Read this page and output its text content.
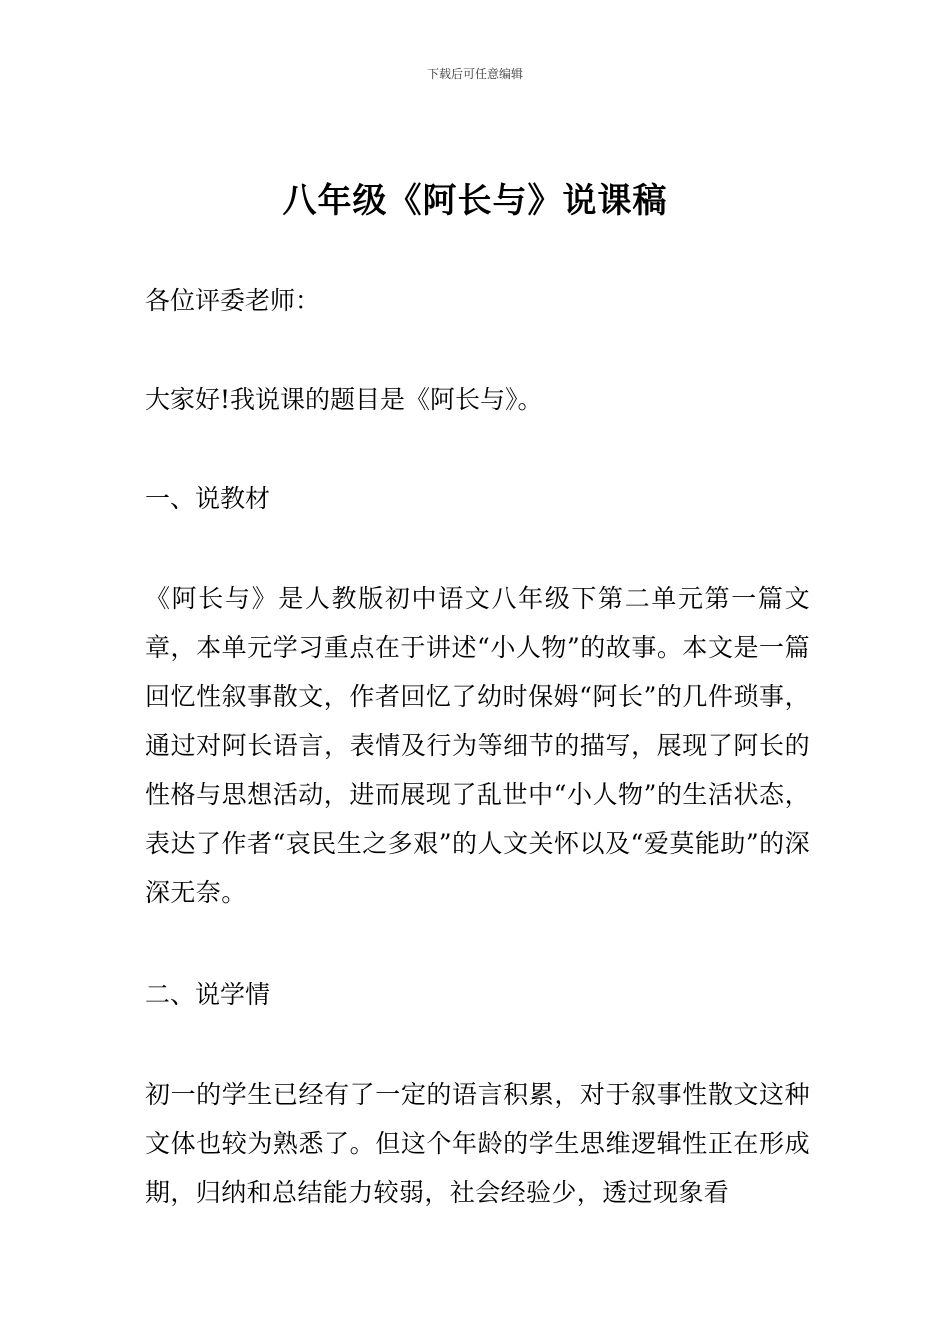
下载后可任意编辑
八年级《阿长与》说课稿

各位评委老师：

大家好!我说课的题目是《阿长与》。

一、说教材

《阿长与》是人教版初中语文八年级下第二单元第一篇文章，本单元学习重点在于讲述“小人物”的故事。本文是一篇回忆性叙事散文，作者回忆了幼时保姆“阿长”的几件琐事，通过对阿长语言，表情及行为等细节的描写，展现了阿长的性格与思想活动，进而展现了乱世中“小人物”的生活状态，表达了作者“哀民生之多艰”的人文关怀以及“爱莫能助”的深深无奈。

二、说学情

初一的学生已经有了一定的语言积累，对于叙事性散文这种文体也较为熟悉了。但这个年龄的学生思维逻辑性正在形成期，归纳和总结能力较弱，社会经验少，透过现象看
